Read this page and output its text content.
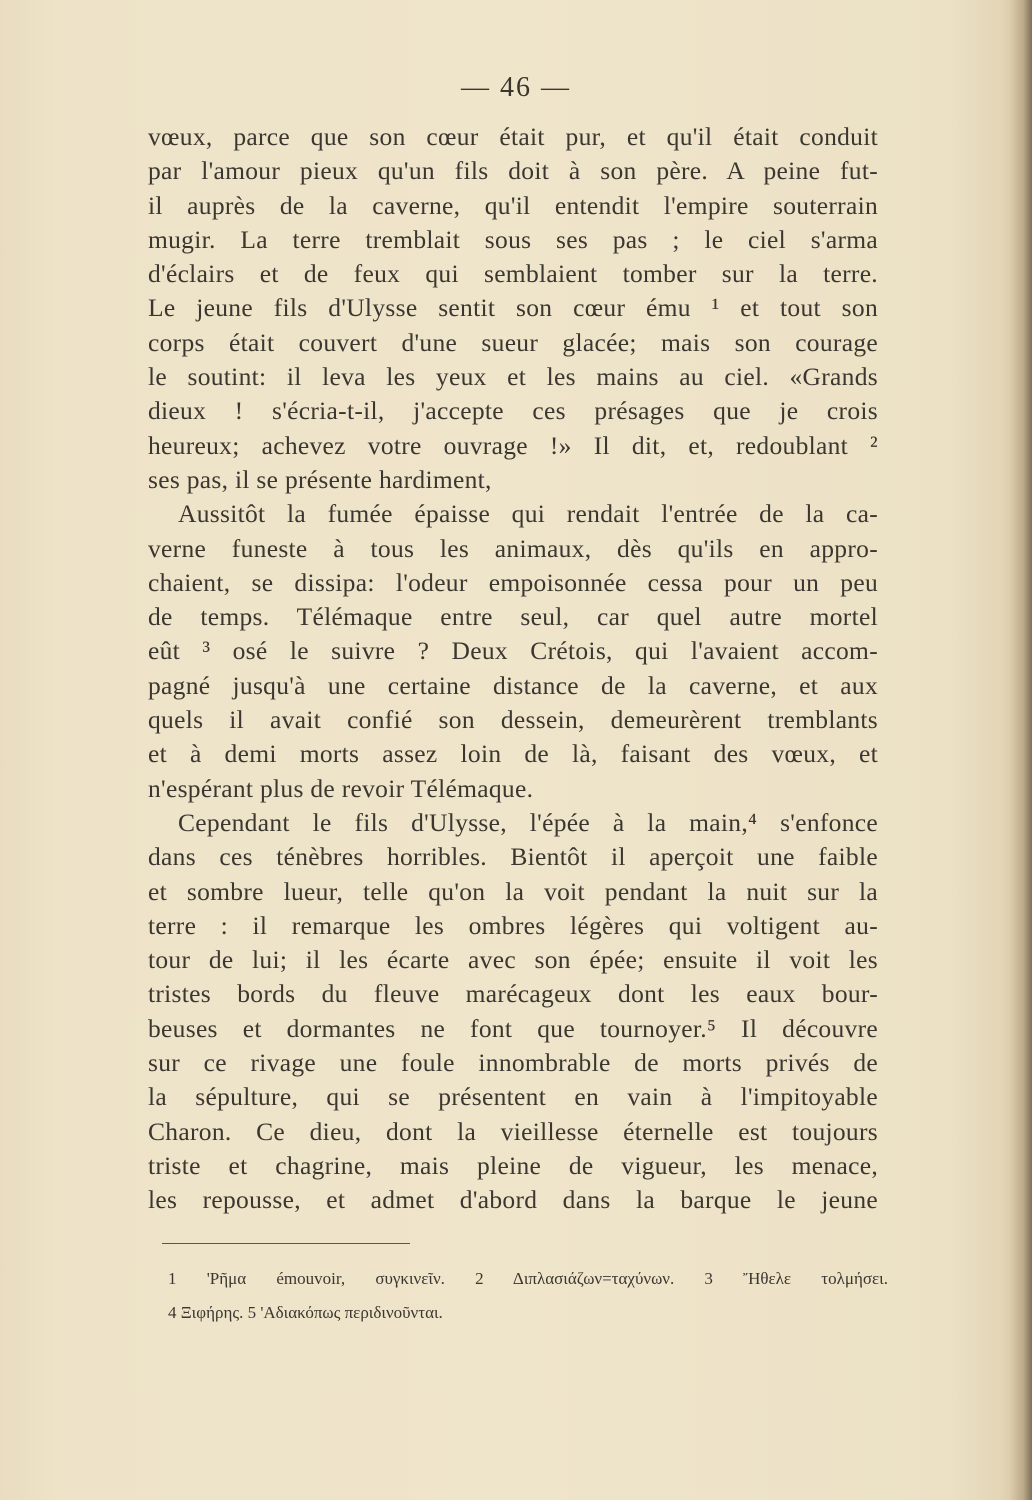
— 46 —
vœux, parce que son cœur était pur, et qu'il était conduit
par l'amour pieux qu'un fils doit à son père. A peine fut-
il auprès de la caverne, qu'il entendit l'empire souterrain
mugir. La terre tremblait sous ses pas ; le ciel s'arma
d'éclairs et de feux qui semblaient tomber sur la terre.
Le jeune fils d'Ulysse sentit son cœur ému ¹ et tout son
corps était couvert d'une sueur glacée; mais son courage
le soutint: il leva les yeux et les mains au ciel. «Grands
dieux ! s'écria-t-il, j'accepte ces présages que je crois
heureux; achevez votre ouvrage !» Il dit, et, redoublant ²
ses pas, il se présente hardiment,
Aussitôt la fumée épaisse qui rendait l'entrée de la ca-
verne funeste à tous les animaux, dès qu'ils en appro-
chaient, se dissipa: l'odeur empoisonnée cessa pour un peu
de temps. Télémaque entre seul, car quel autre mortel
eût ³ osé le suivre ? Deux Crétois, qui l'avaient accom-
pagné jusqu'à une certaine distance de la caverne, et aux
quels il avait confié son dessein, demeurèrent tremblants
et à demi morts assez loin de là, faisant des vœux, et
n'espérant plus de revoir Télémaque.
Cependant le fils d'Ulysse, l'épée à la main,⁴ s'enfonce
dans ces ténèbres horribles. Bientôt il aperçoit une faible
et sombre lueur, telle qu'on la voit pendant la nuit sur la
terre : il remarque les ombres légères qui voltigent au-
tour de lui; il les écarte avec son épée; ensuite il voit les
tristes bords du fleuve marécageux dont les eaux bour-
beuses et dormantes ne font que tournoyer.⁵ Il découvre
sur ce rivage une foule innombrable de morts privés de
la sépulture, qui se présentent en vain à l'impitoyable
Charon. Ce dieu, dont la vieillesse éternelle est toujours
triste et chagrine, mais pleine de vigueur, les menace,
les repousse, et admet d'abord dans la barque le jeune
1 'Ρῆμα émouvoir, συγκινεῖν. 2 Διπλασιάζων=ταχύνων. 3 Ἤθελε τολμήσει.
4 Ξιφήρης. 5 'Αδιακόπως περιδινοῦνται.
